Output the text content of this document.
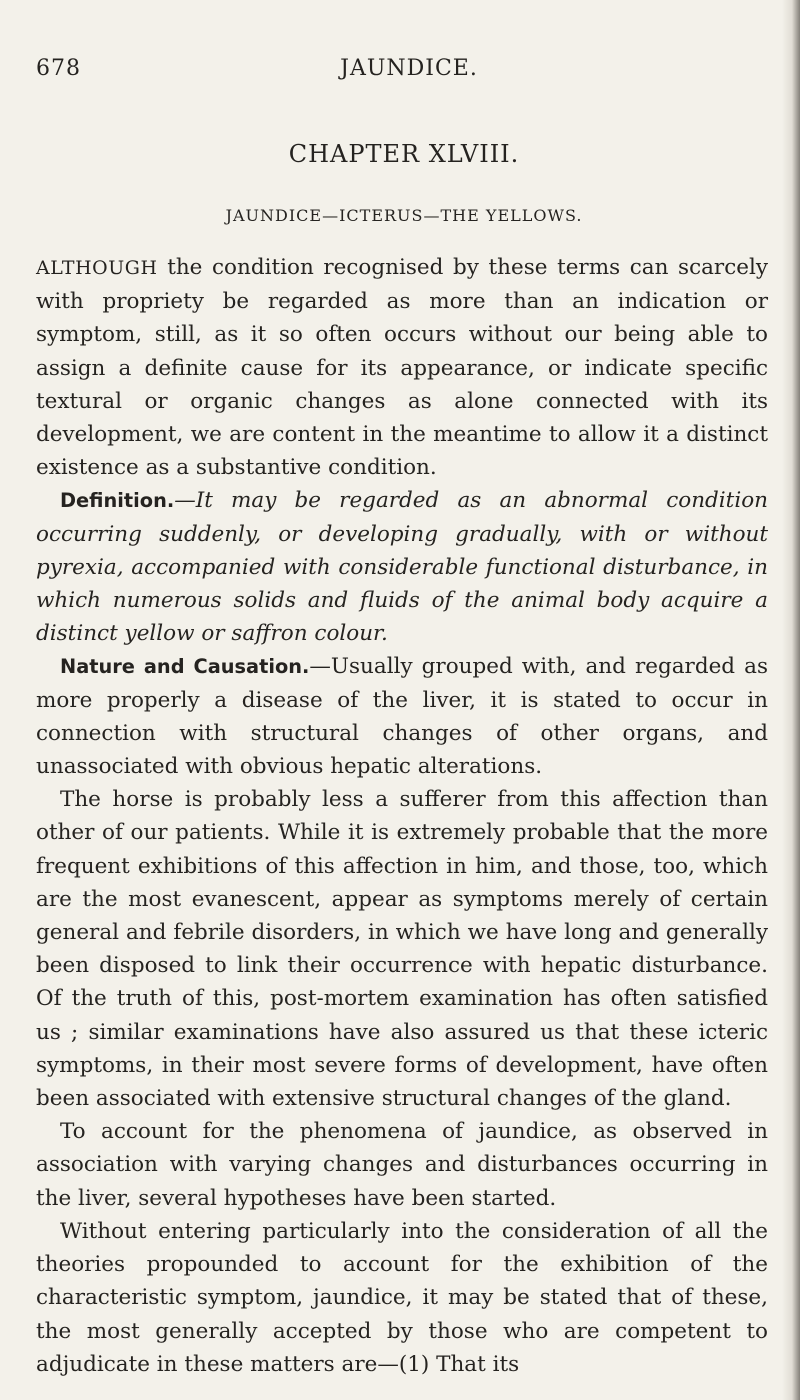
678	JAUNDICE.
CHAPTER XLVIII.
JAUNDICE—ICTERUS—THE YELLOWS.

ALTHOUGH the condition recognised by these terms can scarcely with propriety be regarded as more than an indication or symptom, still, as it so often occurs without our being able to assign a definite cause for its appearance, or indicate specific textural or organic changes as alone connected with its development, we are content in the meantime to allow it a distinct existence as a substantive condition.

Definition.—It may be regarded as an abnormal condition occurring suddenly, or developing gradually, with or without pyrexia, accompanied with considerable functional disturbance, in which numerous solids and fluids of the animal body acquire a distinct yellow or saffron colour.

Nature and Causation.—Usually grouped with, and regarded as more properly a disease of the liver, it is stated to occur in connection with structural changes of other organs, and unassociated with obvious hepatic alterations.

The horse is probably less a sufferer from this affection than other of our patients. While it is extremely probable that the more frequent exhibitions of this affection in him, and those, too, which are the most evanescent, appear as symptoms merely of certain general and febrile disorders, in which we have long and generally been disposed to link their occurrence with hepatic disturbance. Of the truth of this, post-mortem examination has often satisfied us ; similar examinations have also assured us that these icteric symptoms, in their most severe forms of development, have often been associated with extensive structural changes of the gland.

To account for the phenomena of jaundice, as observed in association with varying changes and disturbances occurring in the liver, several hypotheses have been started.

Without entering particularly into the consideration of all the theories propounded to account for the exhibition of the characteristic symptom, jaundice, it may be stated that of these, the most generally accepted by those who are competent to adjudicate in these matters are—(1) That its
